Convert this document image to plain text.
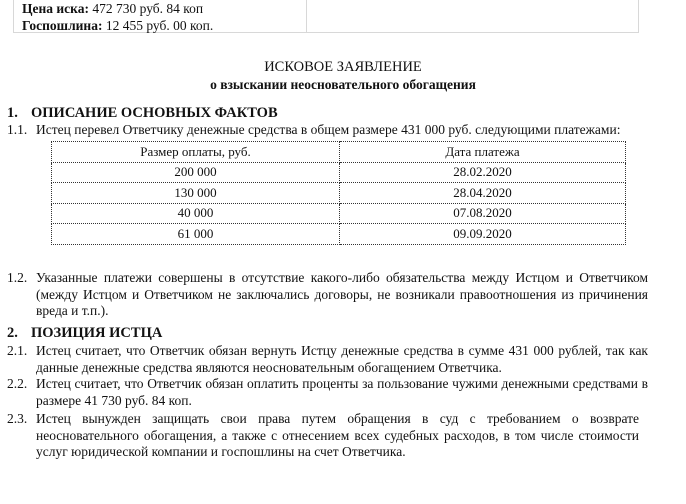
Цена иска: 472 730 руб. 84 коп
Госпошлина: 12 455 руб. 00 коп.
ИСКОВОЕ ЗАЯВЛЕНИЕ
о взыскании неосновательного обогащения
1. ОПИСАНИЕ ОСНОВНЫХ ФАКТОВ
1.1. Истец перевел Ответчику денежные средства в общем размере 431 000 руб. следующими платежами:
Размер оплаты, руб.	Дата платежа
200 000	28.02.2020
130 000	28.04.2020
40 000	07.08.2020
61 000	09.09.2020
1.2. Указанные платежи совершены в отсутствие какого-либо обязательства между Истцом и Ответчиком (между Истцом и Ответчиком не заключались договоры, не возникали правоотношения из причинения вреда и т.п.).
2. ПОЗИЦИЯ ИСТЦА
2.1. Истец считает, что Ответчик обязан вернуть Истцу денежные средства в сумме 431 000 рублей, так как данные денежные средства являются неосновательным обогащением Ответчика.
2.2. Истец считает, что Ответчик обязан оплатить проценты за пользование чужими денежными средствами в размере 41 730 руб. 84 коп.
2.3. Истец вынужден защищать свои права путем обращения в суд с требованием о возврате неосновательного обогащения, а также с отнесением всех судебных расходов, в том числе стоимости услуг юридической компании и госпошлины на счет Ответчика.
